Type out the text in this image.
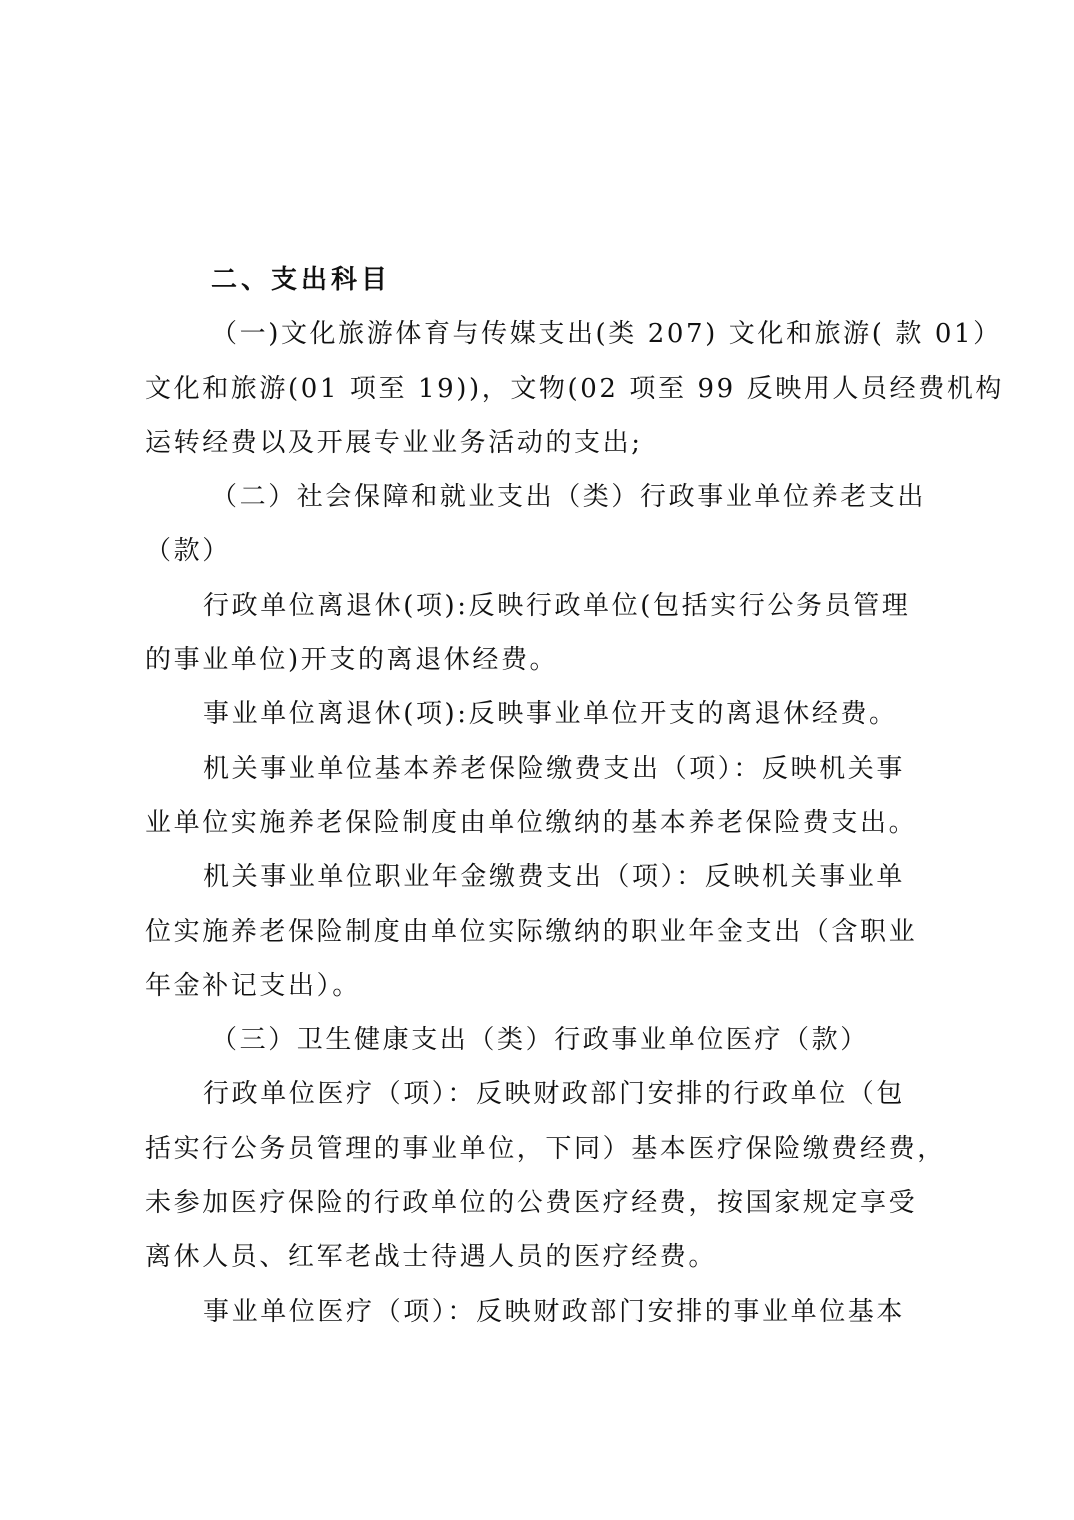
二、支出科目
（一)文化旅游体育与传媒支出(类 207) 文化和旅游( 款 01）
文化和旅游(01 项至 19))，文物(02 项至 99 反映用人员经费机构
运转经费以及开展专业业务活动的支出;
（二）社会保障和就业支出（类）行政事业单位养老支出
（款）
行政单位离退休(项):反映行政单位(包括实行公务员管理
的事业单位)开支的离退休经费。
事业单位离退休(项):反映事业单位开支的离退休经费。
机关事业单位基本养老保险缴费支出（项）：反映机关事
业单位实施养老保险制度由单位缴纳的基本养老保险费支出。
机关事业单位职业年金缴费支出（项）：反映机关事业单
位实施养老保险制度由单位实际缴纳的职业年金支出（含职业
年金补记支出）。
（三）卫生健康支出（类）行政事业单位医疗（款）
行政单位医疗（项）：反映财政部门安排的行政单位（包
括实行公务员管理的事业单位，下同）基本医疗保险缴费经费，
未参加医疗保险的行政单位的公费医疗经费，按国家规定享受
离休人员、红军老战士待遇人员的医疗经费。
事业单位医疗（项）：反映财政部门安排的事业单位基本
